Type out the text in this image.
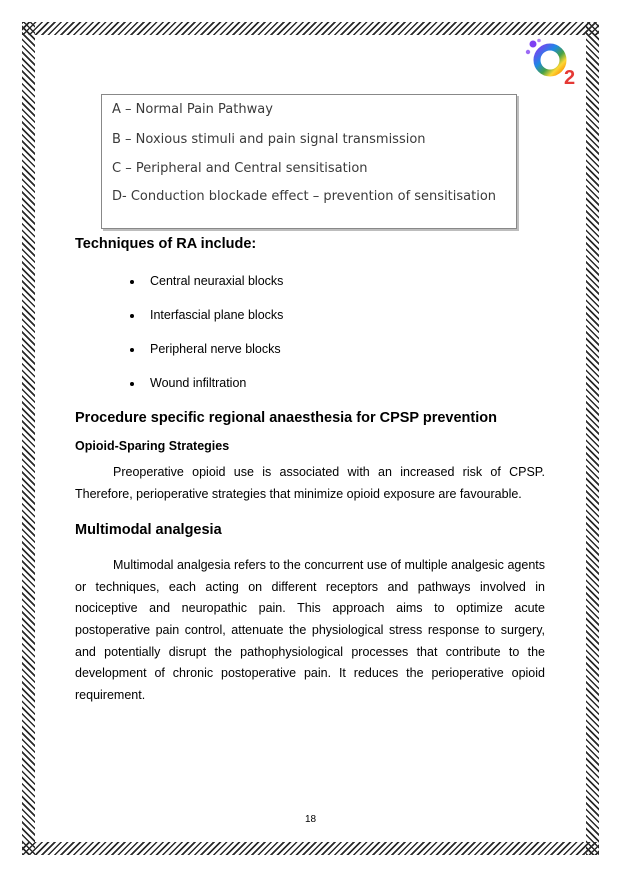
2
A – Normal Pain Pathway
B – Noxious stimuli and pain signal transmission
C – Peripheral and Central sensitisation
D- Conduction blockade effect – prevention of sensitisation
Techniques of RA include:
Central neuraxial blocks
Interfascial plane blocks
Peripheral nerve blocks
Wound infiltration
Procedure specific regional anaesthesia for CPSP prevention
Opioid-Sparing Strategies
Preoperative opioid use is associated with an increased risk of CPSP.
Therefore, perioperative strategies that minimize opioid exposure are favourable.
Multimodal analgesia
Multimodal analgesia refers to the concurrent use of multiple analgesic agents
or techniques, each acting on different receptors and pathways involved in
nociceptive and neuropathic pain. This approach aims to optimize acute
postoperative pain control, attenuate the physiological stress response to surgery,
and potentially disrupt the pathophysiological processes that contribute to the
development of chronic postoperative pain. It reduces the perioperative opioid
requirement.
18
